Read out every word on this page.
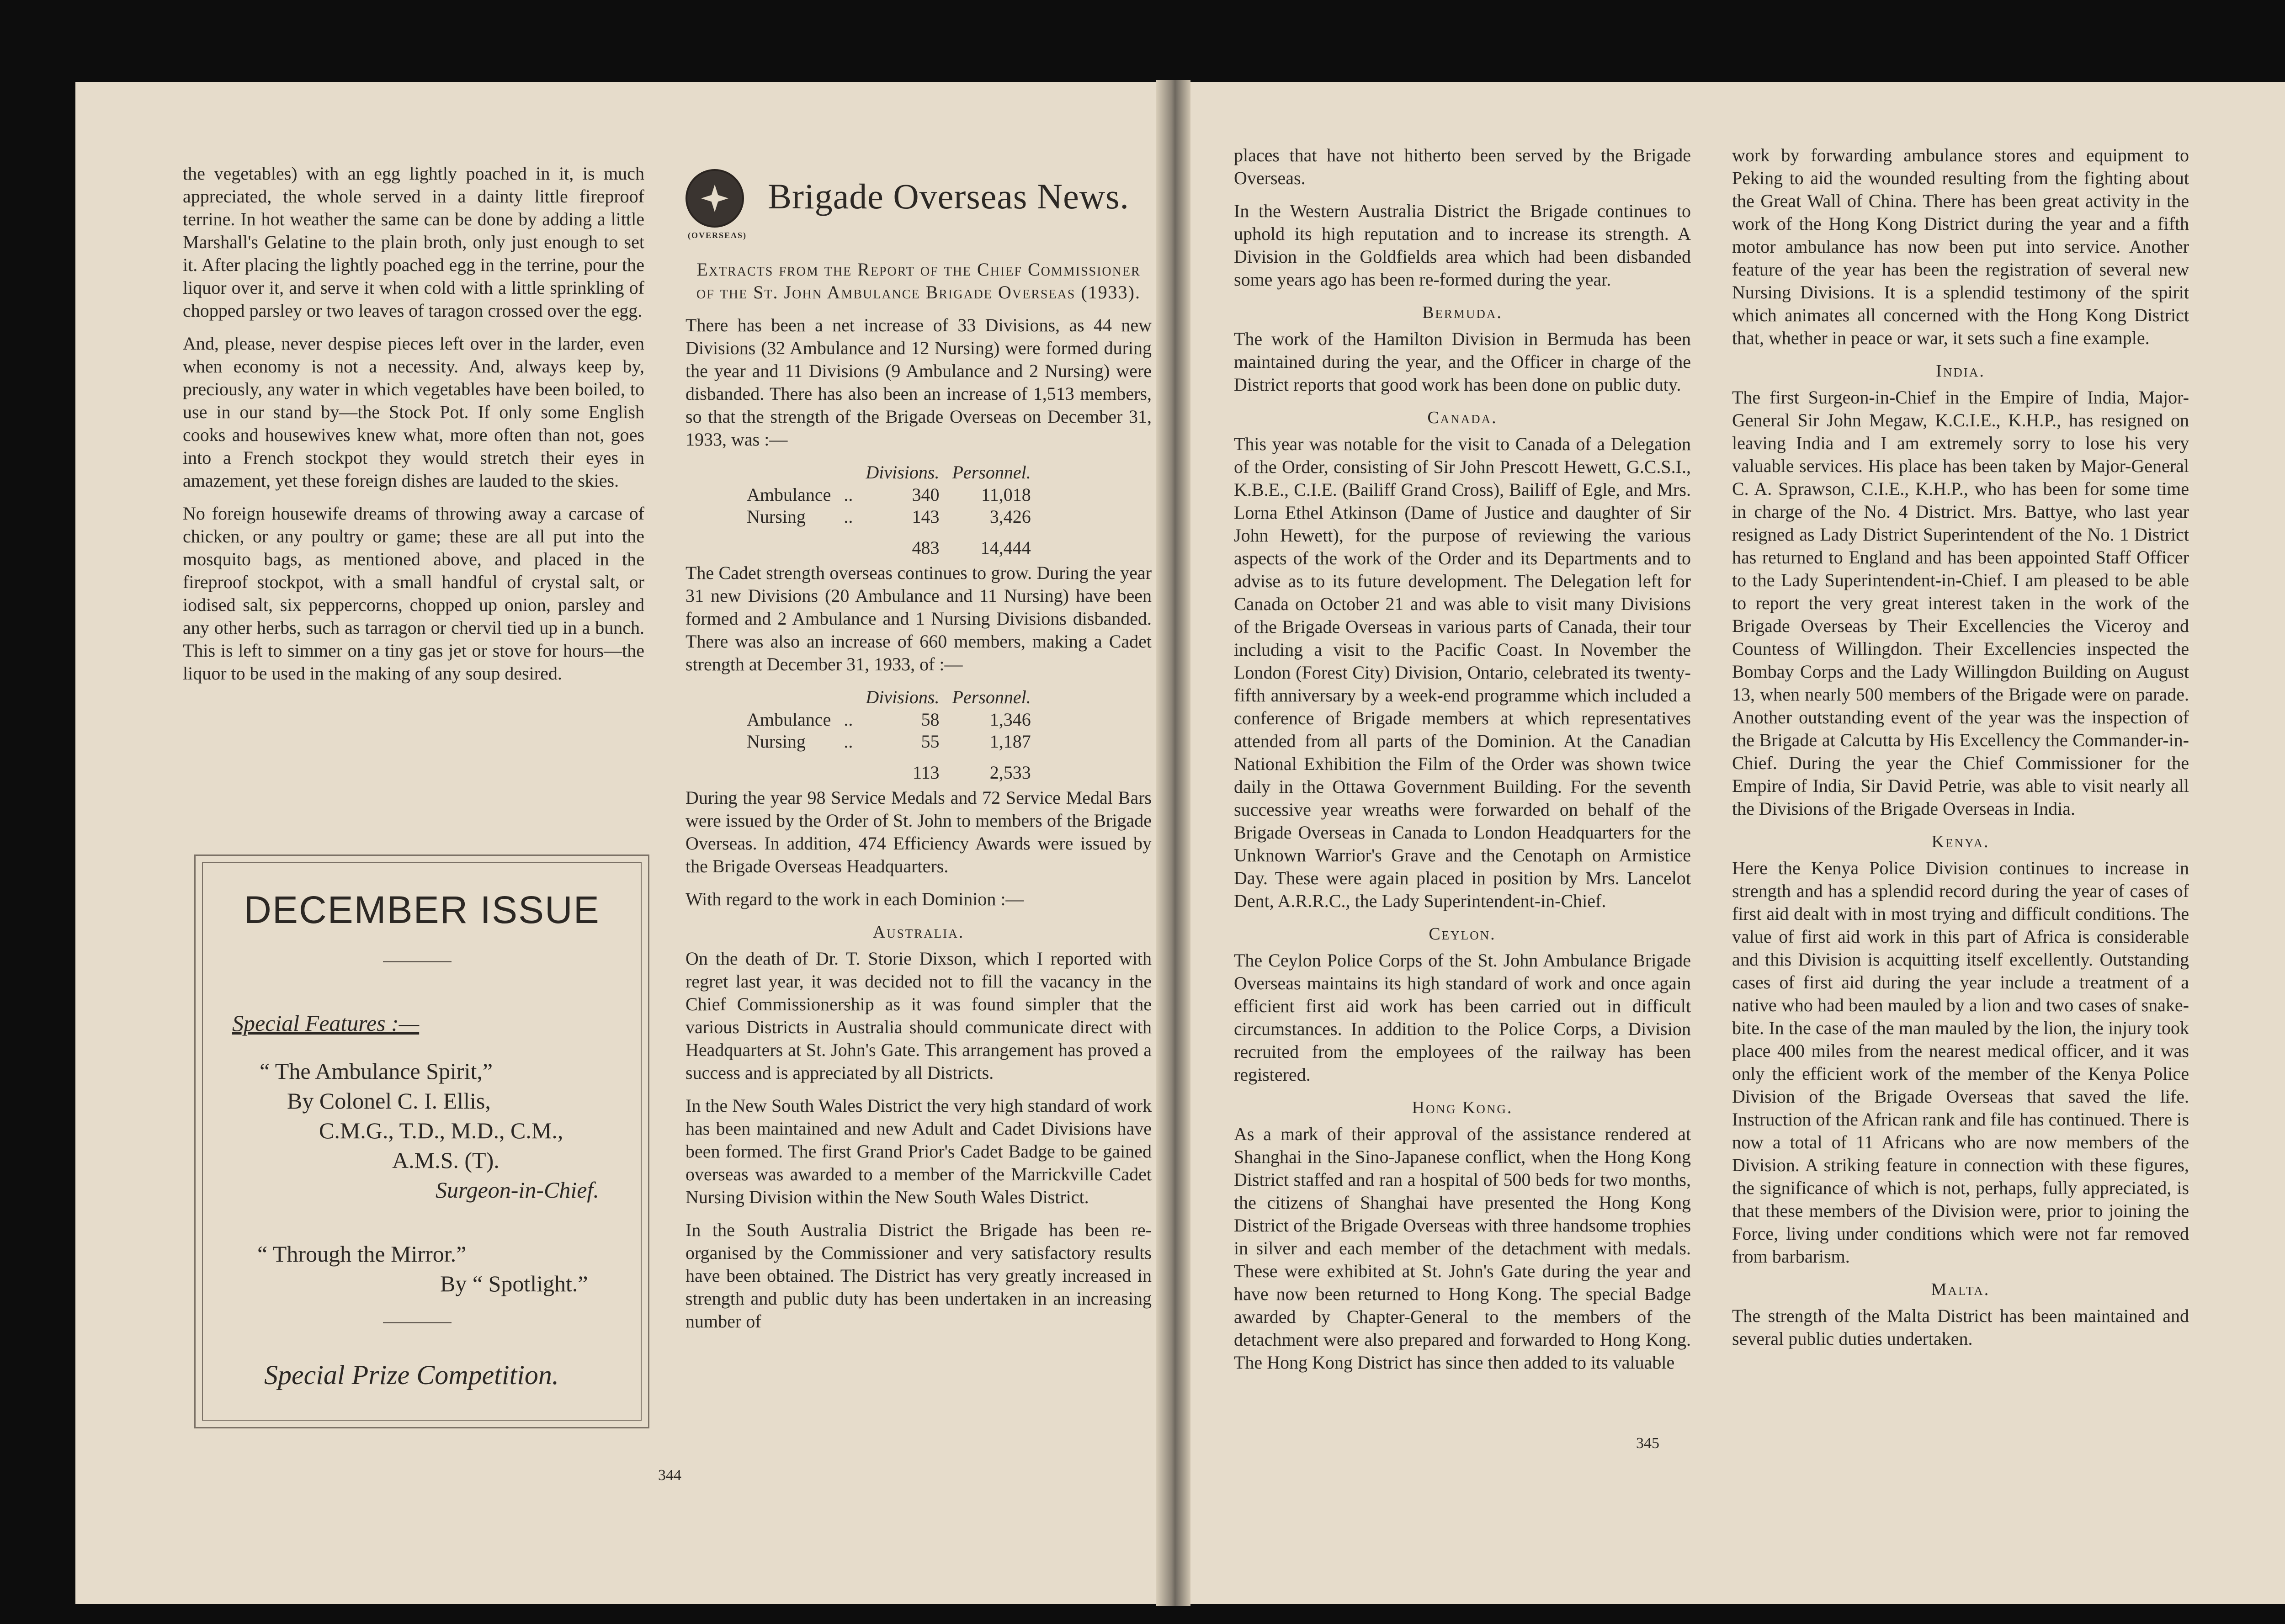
the vegetables) with an egg lightly poached in it, is much appreciated, the whole served in a dainty little fireproof terrine. In hot weather the same can be done by adding a little Marshall's Gelatine to the plain broth, only just enough to set it. After placing the lightly poached egg in the terrine, pour the liquor over it, and serve it when cold with a little sprinkling of chopped parsley or two leaves of taragon crossed over the egg.

And, please, never despise pieces left over in the larder, even when economy is not a necessity. And, always keep by, preciously, any water in which vegetables have been boiled, to use in our stand by—the Stock Pot. If only some English cooks and housewives knew what, more often than not, goes into a French stockpot they would stretch their eyes in amazement, yet these foreign dishes are lauded to the skies.

No foreign housewife dreams of throwing away a carcase of chicken, or any poultry or game; these are all put into the mosquito bags, as mentioned above, and placed in the fireproof stockpot, with a small handful of crystal salt, or iodised salt, six peppercorns, chopped up onion, parsley and any other herbs, such as tarragon or chervil tied up in a bunch. This is left to simmer on a tiny gas jet or stove for hours—the liquor to be used in the making of any soup desired.

DECEMBER ISSUE
Special Features :—
“ The Ambulance Spirit,”
By Colonel C. I. Ellis,
C.M.G., T.D., M.D., C.M.,
A.M.S. (T).
Surgeon-in-Chief.
“ Through the Mirror.”
By “ Spotlight.”
Special Prize Competition.
Brigade Overseas News.
(OVERSEAS)

Extracts from the Report of the Chief Commissioner of the St. John Ambulance Brigade Overseas (1933).

There has been a net increase of 33 Divisions, as 44 new Divisions (32 Ambulance and 12 Nursing) were formed during the year and 11 Divisions (9 Ambulance and 2 Nursing) were disbanded. There has also been an increase of 1,513 members, so that the strength of the Brigade Overseas on December 31, 1933, was :—

		Divisions.	Personnel.
Ambulance	..	340	11,018
Nursing	..	143	3,426
		483	14,444

The Cadet strength overseas continues to grow. During the year 31 new Divisions (20 Ambulance and 11 Nursing) have been formed and 2 Ambulance and 1 Nursing Divisions disbanded. There was also an increase of 660 members, making a Cadet strength at December 31, 1933, of :—

		Divisions.	Personnel.
Ambulance	..	58	1,346
Nursing	..	55	1,187
		113	2,533

During the year 98 Service Medals and 72 Service Medal Bars were issued by the Order of St. John to members of the Brigade Overseas. In addition, 474 Efficiency Awards were issued by the Brigade Overseas Headquarters.

With regard to the work in each Dominion :—

Australia.

On the death of Dr. T. Storie Dixson, which I reported with regret last year, it was decided not to fill the vacancy in the Chief Commissionership as it was found simpler that the various Districts in Australia should communicate direct with Headquarters at St. John's Gate. This arrangement has proved a success and is appreciated by all Districts.

In the New South Wales District the very high standard of work has been maintained and new Adult and Cadet Divisions have been formed. The first Grand Prior's Cadet Badge to be gained overseas was awarded to a member of the Marrickville Cadet Nursing Division within the New South Wales District.

In the South Australia District the Brigade has been re-organised by the Commissioner and very satisfactory results have been obtained. The District has very greatly increased in strength and public duty has been undertaken in an increasing number of

344

places that have not hitherto been served by the Brigade Overseas.

In the Western Australia District the Brigade continues to uphold its high reputation and to increase its strength. A Division in the Goldfields area which had been disbanded some years ago has been re-formed during the year.

Bermuda.

The work of the Hamilton Division in Bermuda has been maintained during the year, and the Officer in charge of the District reports that good work has been done on public duty.

Canada.

This year was notable for the visit to Canada of a Delegation of the Order, consisting of Sir John Prescott Hewett, G.C.S.I., K.B.E., C.I.E. (Bailiff Grand Cross), Bailiff of Egle, and Mrs. Lorna Ethel Atkinson (Dame of Justice and daughter of Sir John Hewett), for the purpose of reviewing the various aspects of the work of the Order and its Departments and to advise as to its future development. The Delegation left for Canada on October 21 and was able to visit many Divisions of the Brigade Overseas in various parts of Canada, their tour including a visit to the Pacific Coast. In November the London (Forest City) Division, Ontario, celebrated its twenty-fifth anniversary by a week-end programme which included a conference of Brigade members at which representatives attended from all parts of the Dominion. At the Canadian National Exhibition the Film of the Order was shown twice daily in the Ottawa Government Building. For the seventh successive year wreaths were forwarded on behalf of the Brigade Overseas in Canada to London Headquarters for the Unknown Warrior's Grave and the Cenotaph on Armistice Day. These were again placed in position by Mrs. Lancelot Dent, A.R.R.C., the Lady Superintendent-in-Chief.

Ceylon.

The Ceylon Police Corps of the St. John Ambulance Brigade Overseas maintains its high standard of work and once again efficient first aid work has been carried out in difficult circumstances. In addition to the Police Corps, a Division recruited from the employees of the railway has been registered.

Hong Kong.

As a mark of their approval of the assistance rendered at Shanghai in the Sino-Japanese conflict, when the Hong Kong District staffed and ran a hospital of 500 beds for two months, the citizens of Shanghai have presented the Hong Kong District of the Brigade Overseas with three handsome trophies in silver and each member of the detachment with medals. These were exhibited at St. John's Gate during the year and have now been returned to Hong Kong. The special Badge awarded by Chapter-General to the members of the detachment were also prepared and forwarded to Hong Kong. The Hong Kong District has since then added to its valuable

work by forwarding ambulance stores and equipment to Peking to aid the wounded resulting from the fighting about the Great Wall of China. There has been great activity in the work of the Hong Kong District during the year and a fifth motor ambulance has now been put into service. Another feature of the year has been the registration of several new Nursing Divisions. It is a splendid testimony of the spirit which animates all concerned with the Hong Kong District that, whether in peace or war, it sets such a fine example.

India.

The first Surgeon-in-Chief in the Empire of India, Major-General Sir John Megaw, K.C.I.E., K.H.P., has resigned on leaving India and I am extremely sorry to lose his very valuable services. His place has been taken by Major-General C. A. Sprawson, C.I.E., K.H.P., who has been for some time in charge of the No. 4 District. Mrs. Battye, who last year resigned as Lady District Superintendent of the No. 1 District has returned to England and has been appointed Staff Officer to the Lady Superintendent-in-Chief. I am pleased to be able to report the very great interest taken in the work of the Brigade Overseas by Their Excellencies the Viceroy and Countess of Willingdon. Their Excellencies inspected the Bombay Corps and the Lady Willingdon Building on August 13, when nearly 500 members of the Brigade were on parade. Another outstanding event of the year was the inspection of the Brigade at Calcutta by His Excellency the Commander-in-Chief. During the year the Chief Commissioner for the Empire of India, Sir David Petrie, was able to visit nearly all the Divisions of the Brigade Overseas in India.

Kenya.

Here the Kenya Police Division continues to increase in strength and has a splendid record during the year of cases of first aid dealt with in most trying and difficult conditions. The value of first aid work in this part of Africa is considerable and this Division is acquitting itself excellently. Outstanding cases of first aid during the year include a treatment of a native who had been mauled by a lion and two cases of snake-bite. In the case of the man mauled by the lion, the injury took place 400 miles from the nearest medical officer, and it was only the efficient work of the member of the Kenya Police Division of the Brigade Overseas that saved the life. Instruction of the African rank and file has continued. There is now a total of 11 Africans who are now members of the Division. A striking feature in connection with these figures, the significance of which is not, perhaps, fully appreciated, is that these members of the Division were, prior to joining the Force, living under conditions which were not far removed from barbarism.

Malta.

The strength of the Malta District has been maintained and several public duties undertaken.

345
